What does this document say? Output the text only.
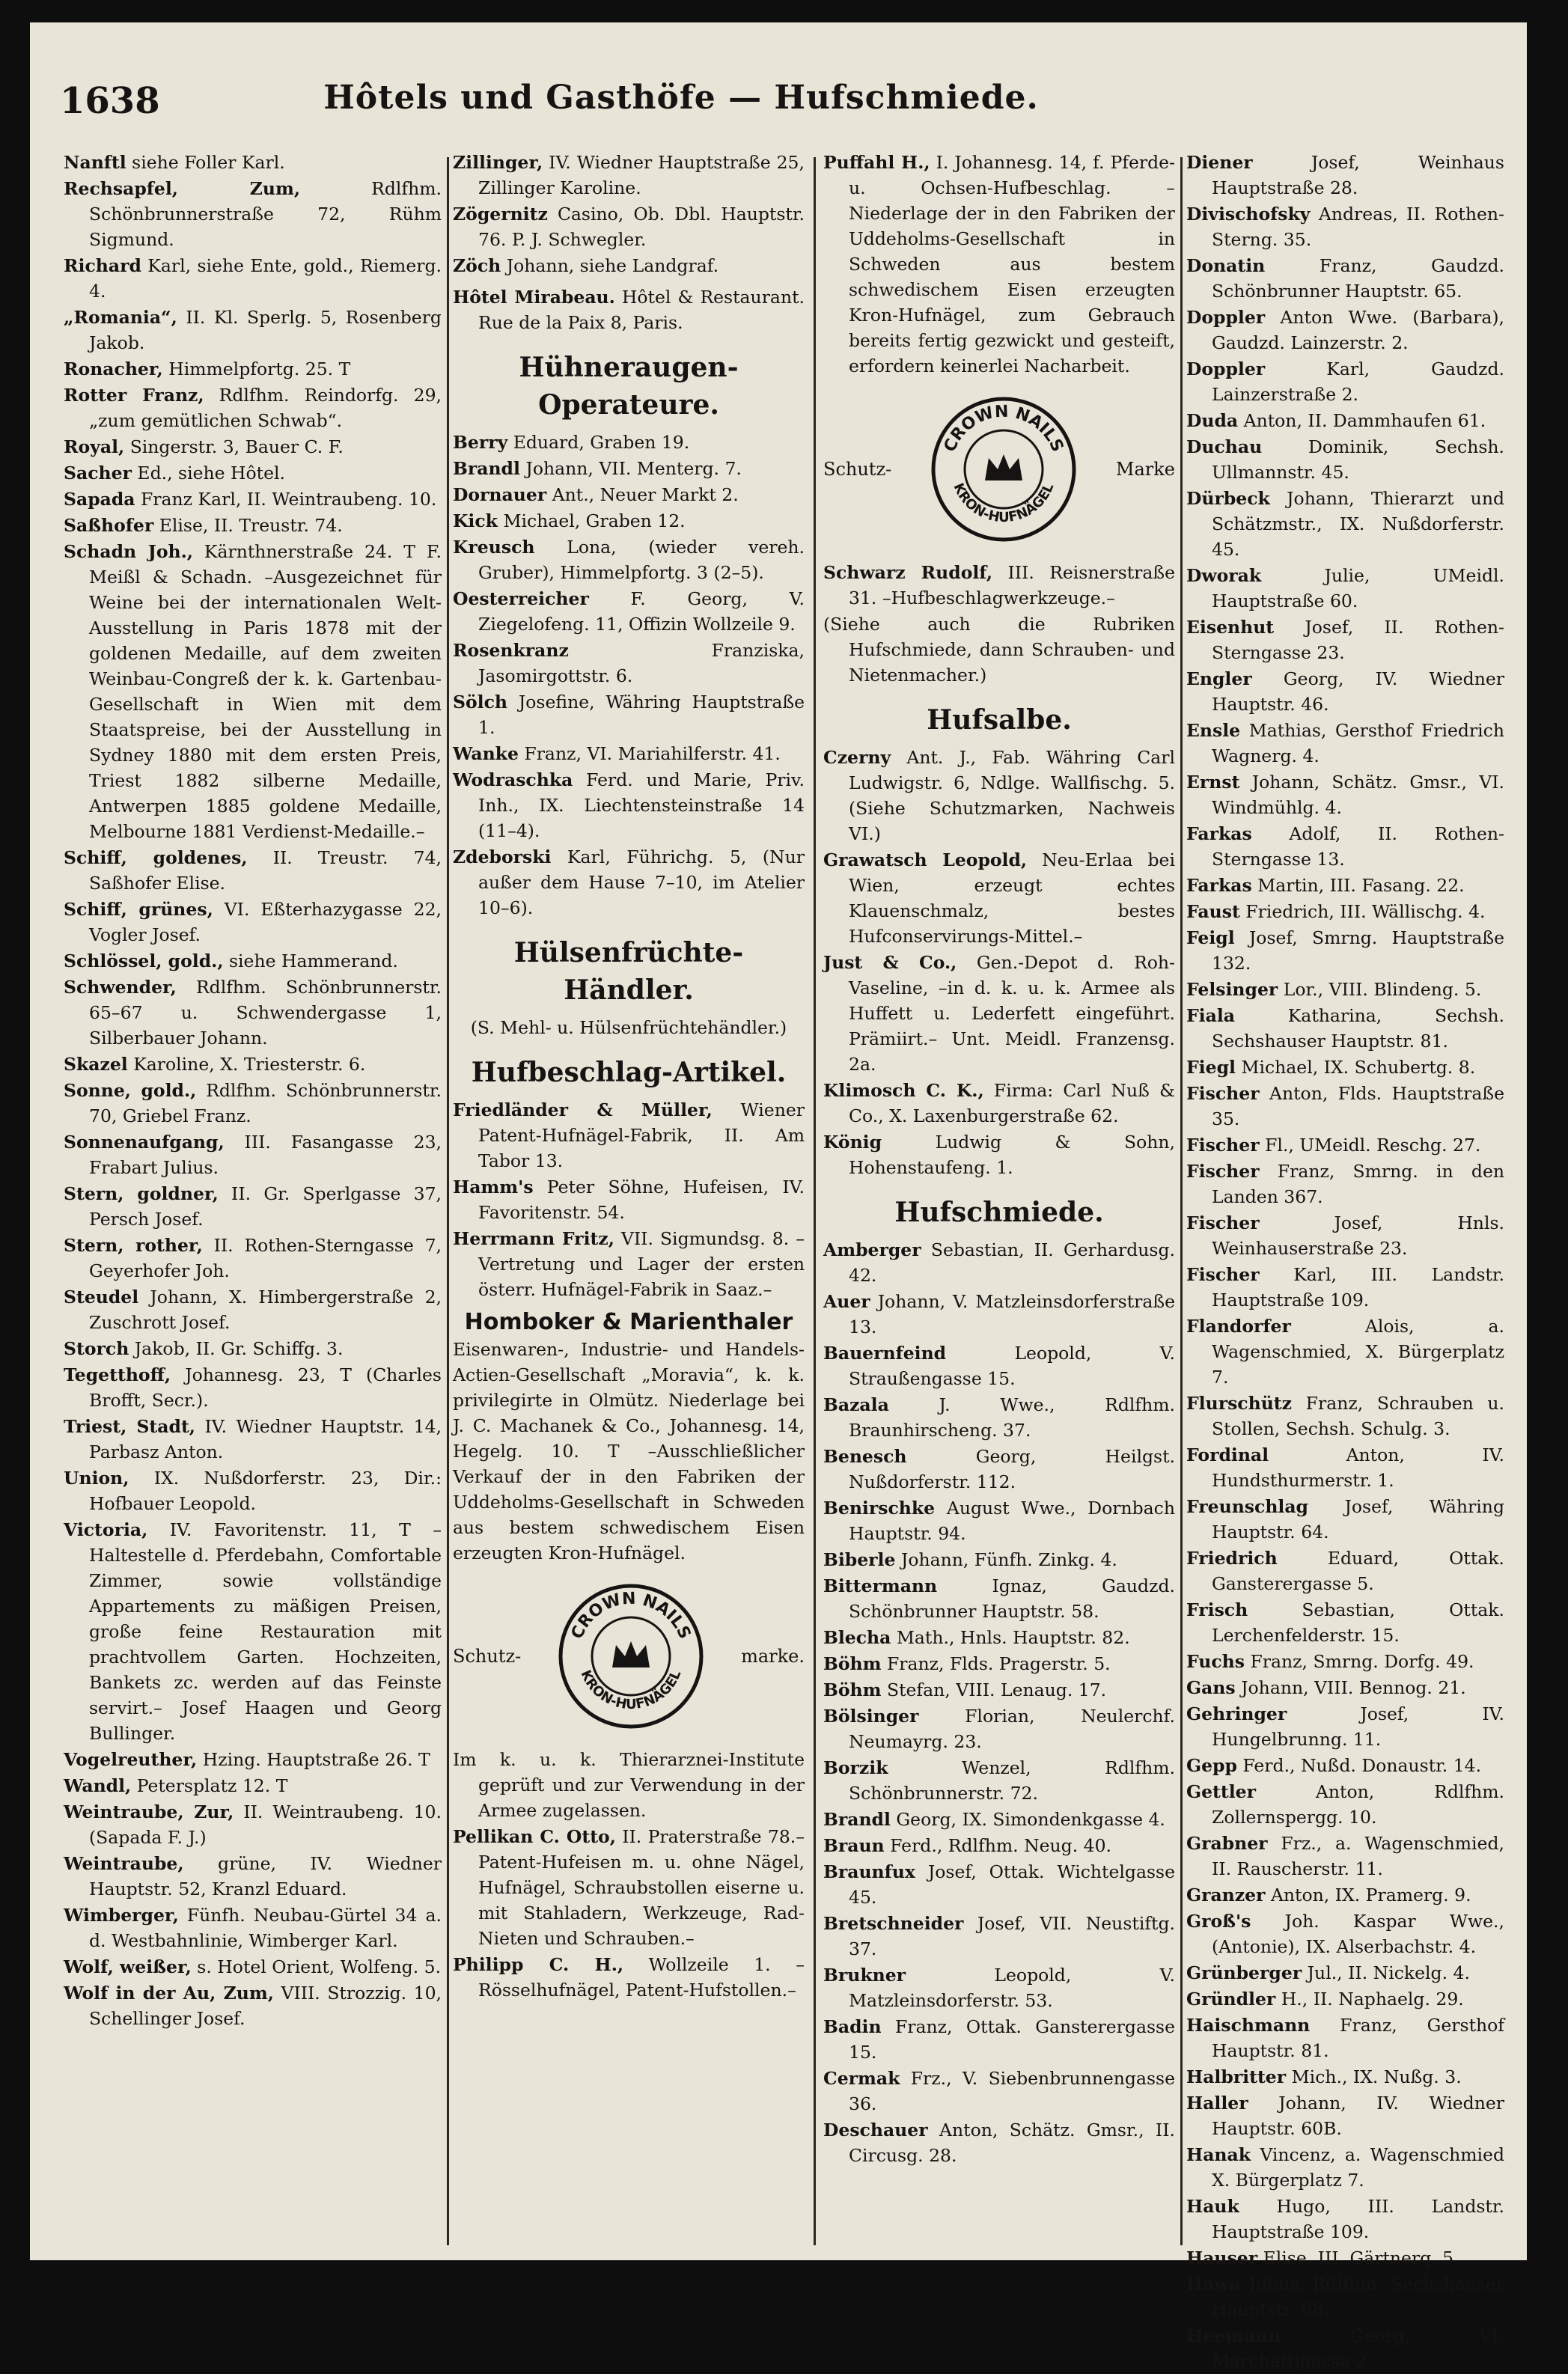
1638	Hôtels und Gasthöfe — Hufschmiede.
Nanftl siehe Foller Karl.
Rechsapfel, Zum,	Rdlfhm. Schönbrunnerstraße 72, Rühm Sigmund.
Richard Karl, siehe Ente, gold., Riemerg. 4.
„Romania“, II. Kl. Sperlg. 5, Rosenberg Jakob.
Ronacher, Himmelpfortg. 25. T
Rotter Franz, Rdlfhm. Reindorfg. 29, „zum gemütlichen Schwab“.
Royal, Singerstr. 3, Bauer C. F.
Sacher Ed., siehe Hôtel.
Sapada Franz Karl, II. Weintraubeng. 10.
Saßhofer Elise, II. Treustr. 74.
Schadn Joh., Kärnthnerstraße 24. T F. Meißl & Schadn. –Ausgezeichnet für Weine bei der internationalen Welt-Ausstellung in Paris 1878 mit der goldenen Medaille, auf dem zweiten Weinbau-Congreß der k. k. Gartenbau-Gesellschaft in Wien mit dem Staatspreise, bei der Ausstellung in Sydney 1880 mit dem ersten Preis, Triest 1882 silberne Medaille, Antwerpen 1885 goldene Medaille, Melbourne 1881 Verdienst-Medaille.–
Schiff, goldenes, II. Treustr. 74, Saßhofer Elise.
Schiff, grünes, VI. Eßterhazygasse 22, Vogler Josef.
Schlössel, gold., siehe Hammerand.
Schwender, Rdlfhm. Schönbrunnerstr. 65–67 u. Schwendergasse 1, Silberbauer Johann.
Skazel Karoline, X. Triesterstr. 6.
Sonne, gold., Rdlfhm. Schönbrunnerstr. 70, Griebel Franz.
Sonnenaufgang, III. Fasangasse 23, Frabart Julius.
Stern, goldner, II. Gr. Sperlgasse 37, Persch Josef.
Stern, rother, II. Rothen-Sterngasse 7, Geyerhofer Joh.
Steudel Johann, X. Himbergerstraße 2, Zuschrott Josef.
Storch Jakob, II. Gr. Schiffg. 3.
Tegetthoff, Johannesg. 23, T (Charles Brofft, Secr.).
Triest, Stadt, IV. Wiedner Hauptstr. 14, Parbasz Anton.
Union, IX. Nußdorferstr. 23, Dir.: Hofbauer Leopold.
Victoria, IV. Favoritenstr. 11, T –Haltestelle d. Pferdebahn, Comfortable Zimmer, sowie vollständige Appartements zu mäßigen Preisen, große feine Restauration mit prachtvollem Garten. Hochzeiten, Bankets zc. werden auf das Feinste servirt.– Josef Haagen und Georg Bullinger.
Vogelreuther, Hzing. Hauptstraße 26. T
Wandl, Petersplatz 12. T
Weintraube, Zur, II. Weintraubeng. 10. (Sapada F. J.)
Weintraube, grüne, IV. Wiedner Hauptstr. 52, Kranzl Eduard.
Wimberger, Fünfh. Neubau-Gürtel 34 a. d. Westbahnlinie, Wimberger Karl.
Wolf, weißer, s. Hotel Orient, Wolfeng. 5.
Wolf in der Au, Zum, VIII. Strozzig. 10, Schellinger Josef.
Zillinger, IV. Wiedner Hauptstraße 25, Zillinger Karoline.
Zögernitz Casino, Ob. Dbl. Hauptstr. 76. P. J. Schwegler.
Zöch Johann, siehe Landgraf.
Hôtel Mirabeau. Hôtel & Restaurant. Rue de la Paix 8, Paris.
Hühneraugen-Operateure.
Berry Eduard, Graben 19.
Brandl Johann, VII. Menterg. 7.
Dornauer Ant., Neuer Markt 2.
Kick Michael, Graben 12.
Kreusch Lona, (wieder vereh. Gruber), Himmelpfortg. 3 (2–5).
Oesterreicher F. Georg, V. Ziegelofeng. 11, Offizin Wollzeile 9.
Rosenkranz	Franziska, Jasomirgottstr. 6.
Sölch Josefine, Währing Hauptstraße 1.
Wanke Franz, VI. Mariahilferstr. 41.
Wodraschka Ferd. und Marie, Priv. Inh., IX. Liechtensteinstraße 14 (11–4).
Zdeborski Karl, Führichg. 5, (Nur außer dem Hause 7–10, im Atelier 10–6).
Hülsenfrüchte-Händler.
(S. Mehl- u. Hülsenfrüchtehändler.)
Hufbeschlag-Artikel.
Friedländer & Müller, Wiener Patent-Hufnägel-Fabrik, II. Am Tabor 13.
Hamm's Peter Söhne, Hufeisen, IV. Favoritenstr. 54.
Herrmann Fritz, VII. Sigmundsg. 8. –Vertretung und Lager der ersten österr. Hufnägel-Fabrik in Saaz.–
Homboker & Marienthaler
Eisenwaren-, Industrie- und Handels-Actien-Gesellschaft „Moravia“, k. k. privilegirte in Olmütz. Niederlage bei J. C. Machanek & Co., Johannesg. 14, Hegelg. 10. T –Ausschließlicher Verkauf der in den Fabriken der Uddeholms-Gesellschaft in Schweden aus bestem schwedischem Eisen erzeugten Kron-Hufnägel.
Schutz-
CROWN NAILS
KRON-HUFNÄGEL
marke.
Im k. u. k. Thierarznei-Institute geprüft und zur Verwendung in der Armee zugelassen.
Pellikan C. Otto, II. Praterstraße 78.–Patent-Hufeisen m. u. ohne Nägel, Hufnägel, Schraubstollen eiserne u. mit Stahladern, Werkzeuge, Rad-Nieten und Schrauben.–
Philipp C. H., Wollzeile 1. –Rösselhufnägel, Patent-Hufstollen.–
Puffahl H., I. Johannesg. 14, f. Pferde- u. Ochsen-Hufbeschlag. –Niederlage der in den Fabriken der Uddeholms-Gesellschaft in Schweden aus bestem schwedischem Eisen erzeugten Kron-Hufnägel, zum Gebrauch bereits fertig gezwickt und gesteift, erfordern keinerlei Nacharbeit.
Schutz-
CROWN NAILS
KRON-HUFNÄGEL
Marke
Schwarz Rudolf, III. Reisnerstraße 31. –Hufbeschlagwerkzeuge.–
(Siehe auch die Rubriken Hufschmiede, dann Schrauben- und Nietenmacher.)
Hufsalbe.
Czerny Ant. J., Fab. Währing Carl Ludwigstr. 6, Ndlge. Wallfischg. 5. (Siehe Schutzmarken, Nachweis VI.)
Grawatsch Leopold, Neu-Erlaa bei Wien, erzeugt echtes Klauenschmalz, bestes Hufconservirungs-Mittel.–
Just & Co., Gen.-Depot d. Roh-Vaseline, –in d. k. u. k. Armee als Huffett u. Lederfett eingeführt. Prämiirt.– Unt. Meidl. Franzensg. 2a.
Klimosch C. K., Firma: Carl Nuß & Co., X. Laxenburgerstraße 62.
König	Ludwig & Sohn, Hohenstaufeng. 1.
Hufschmiede.
Amberger Sebastian, II. Gerhardusg. 42.
Auer Johann, V. Matzleinsdorferstraße 13.
Bauernfeind	Leopold, V. Straußengasse 15.
Bazala	J. Wwe., Rdlfhm. Braunhirscheng. 37.
Benesch	Georg, Heilgst. Nußdorferstr. 112.
Benirschke August Wwe., Dornbach Hauptstr. 94.
Biberle Johann, Fünfh. Zinkg. 4.
Bittermann	Ignaz, Gaudzd. Schönbrunner Hauptstr. 58.
Blecha Math., Hnls. Hauptstr. 82.
Böhm Franz, Flds. Pragerstr. 5.
Böhm Stefan, VIII. Lenaug. 17.
Bölsinger	Florian, Neulerchf. Neumayrg. 23.
Borzik	Wenzel, Rdlfhm. Schönbrunnerstr. 72.
Brandl Georg, IX. Simondenkgasse 4.
Braun Ferd., Rdlfhm. Neug. 40.
Braunfux Josef, Ottak. Wichtelgasse 45.
Bretschneider Josef, VII. Neustiftg. 37.
Brukner	Leopold, V. Matzleinsdorferstr. 53.
Badin Franz, Ottak. Gansterergasse 15.
Cermak Frz., V. Siebenbrunnengasse 36.
Deschauer Anton, Schätz. Gmsr., II. Circusg. 28.
Diener	Josef, Weinhaus Hauptstraße 28.
Divischofsky Andreas, II. Rothen-Sterng. 35.
Donatin	Franz, Gaudzd. Schönbrunner Hauptstr. 65.
Doppler Anton Wwe. (Barbara), Gaudzd. Lainzerstr. 2.
Doppler	Karl, Gaudzd. Lainzerstraße 2.
Duda Anton, II. Dammhaufen 61.
Duchau	Dominik, Sechsh. Ullmannstr. 45.
Dürbeck Johann, Thierarzt und Schätzmstr., IX. Nußdorferstr. 45.
Dworak	Julie, UMeidl. Hauptstraße 60.
Eisenhut Josef, II. Rothen-Sterngasse 23.
Engler Georg, IV. Wiedner Hauptstr. 46.
Ensle Mathias, Gersthof Friedrich Wagnerg. 4.
Ernst Johann, Schätz. Gmsr., VI. Windmühlg. 4.
Farkas Adolf, II. Rothen-Sterngasse 13.
Farkas Martin, III. Fasang. 22.
Faust Friedrich, III. Wällischg. 4.
Feigl Josef, Smrng. Hauptstraße 132.
Felsinger Lor., VIII. Blindeng. 5.
Fiala	Katharina, Sechsh. Sechshauser Hauptstr. 81.
Fiegl Michael, IX. Schubertg. 8.
Fischer Anton, Flds. Hauptstraße 35.
Fischer Fl., UMeidl. Reschg. 27.
Fischer Franz, Smrng. in den Landen 367.
Fischer	Josef, Hnls. Weinhauserstraße 23.
Fischer Karl, III. Landstr. Hauptstraße 109.
Flandorfer	Alois, a. Wagenschmied, X. Bürgerplatz 7.
Flurschütz Franz, Schrauben u. Stollen, Sechsh. Schulg. 3.
Fordinal	Anton, IV. Hundsthurmerstr. 1.
Freunschlag Josef, Währing Hauptstr. 64.
Friedrich	Eduard, Ottak. Gansterergasse 5.
Frisch	Sebastian, Ottak. Lerchenfelderstr. 15.
Fuchs Franz, Smrng. Dorfg. 49.
Gans Johann, VIII. Bennog. 21.
Gehringer	Josef, IV. Hungelbrunng. 11.
Gepp Ferd., Nußd. Donaustr. 14.
Gettler	Anton, Rdlfhm. Zollernspergg. 10.
Grabner Frz., a. Wagenschmied, II. Rauscherstr. 11.
Granzer Anton, IX. Pramerg. 9.
Groß's Joh. Kaspar Wwe., (Antonie), IX. Alserbachstr. 4.
Grünberger Jul., II. Nickelg. 4.
Gründler H., II. Naphaelg. 29.
Haischmann Franz, Gersthof Hauptstr. 81.
Halbritter Mich., IX. Nußg. 3.
Haller Johann, IV. Wiedner Hauptstr. 60B.
Hanak Vincenz, a. Wagenschmied X. Bürgerplatz 7.
Hauk Hugo, III. Landstr. Hauptstraße 109.
Hauser Elise, III. Gärtnerg. 5.
Hawa Julius, Rdlfhm. Sechshauser Hauptstr. 68.
Heemann	Georg, VI. Marchettigasse 2.
